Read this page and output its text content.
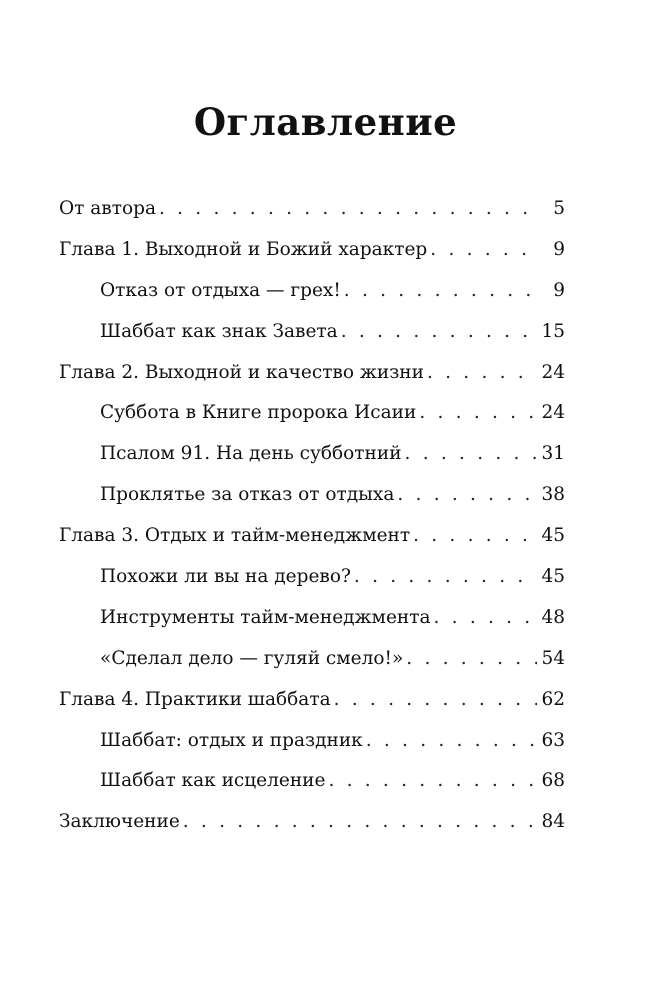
Оглавление
От автора . . .	5
Глава 1. Выходной и Божий характер . . .	9
Отказ от отдыха — грех! . . .	9
Шаббат как знак Завета . . .	15
Глава 2. Выходной и качество жизни . . .	24
Суббота в Книге пророка Исаии . . .	24
Псалом 91. На день субботний . . .	31
Проклятье за отказ от отдыха . . .	38
Глава 3. Отдых и тайм-менеджмент . . .	45
Похожи ли вы на дерево? . . .	45
Инструменты тайм-менеджмента . . .	48
«Сделал дело — гуляй смело!» . . .	54
Глава 4. Практики шаббата . . .	62
Шаббат: отдых и праздник . . .	63
Шаббат как исцеление . . .	68
Заключение . . .	84
